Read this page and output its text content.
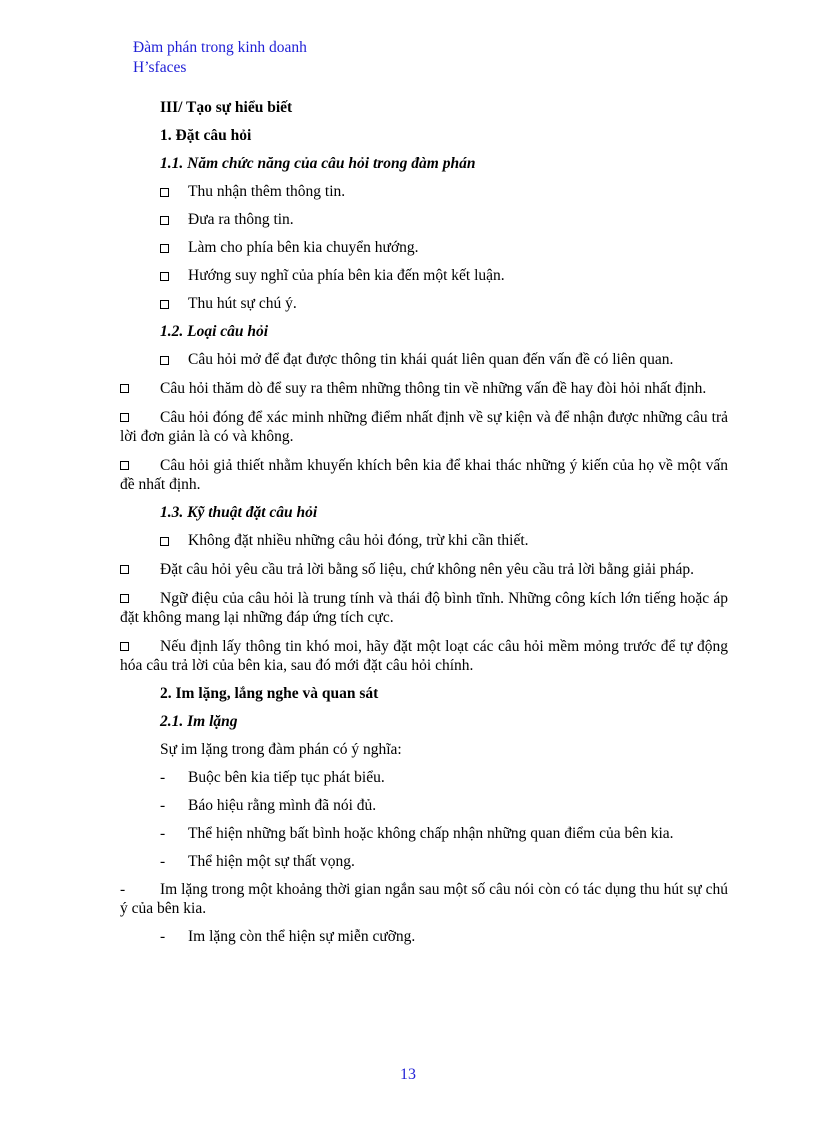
Đàm phán trong kinh doanh
H’sfaces
III/ Tạo sự hiểu biết
1. Đặt câu hỏi
1.1. Năm chức năng của câu hỏi trong đàm phán
Thu nhận thêm thông tin.
Đưa ra thông tin.
Làm cho phía bên kia chuyển hướng.
Hướng suy nghĩ của phía bên kia đến một kết luận.
Thu hút sự chú ý.
1.2. Loại câu hỏi
Câu hỏi mở để đạt được thông tin khái quát liên quan đến vấn đề có liên quan.
Câu hỏi thăm dò để suy ra thêm những thông tin về những vấn đề hay đòi hỏi nhất định.
Câu hỏi đóng để xác minh những điểm nhất định về sự kiện và để nhận được những câu trả lời đơn giản là có và không.
Câu hỏi giả thiết nhằm khuyến khích bên kia để khai thác những ý kiến của họ về một vấn đề nhất định.
1.3. Kỹ thuật đặt câu hỏi
Không đặt nhiều những câu hỏi đóng, trừ khi cần thiết.
Đặt câu hỏi yêu cầu trả lời bằng số liệu, chứ không nên yêu cầu trả lời bằng giải pháp.
Ngữ điệu của câu hỏi là trung tính và thái độ bình tĩnh. Những công kích lớn tiếng hoặc áp đặt không mang lại những đáp ứng tích cực.
Nếu định lấy thông tin khó moi, hãy đặt một loạt các câu hỏi mềm mỏng trước để tự động hóa câu trả lời của bên kia, sau đó mới đặt câu hỏi chính.
2. Im lặng, lắng nghe và quan sát
2.1. Im lặng
Sự im lặng trong đàm phán có ý nghĩa:
- Buộc bên kia tiếp tục phát biểu.
- Báo hiệu rằng mình đã nói đủ.
- Thể hiện những bất bình hoặc không chấp nhận những quan điểm của bên kia.
- Thể hiện một sự thất vọng.
- Im lặng trong một khoảng thời gian ngắn sau một số câu nói còn có tác dụng thu hút sự chú ý của bên kia.
- Im lặng còn thể hiện sự miễn cưỡng.
13
